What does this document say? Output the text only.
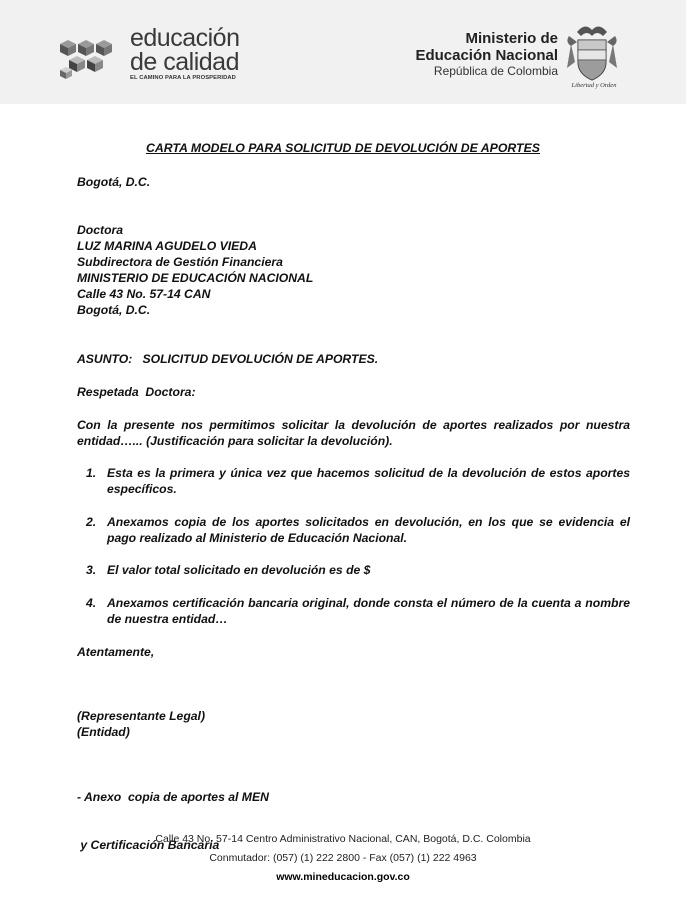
educación
de calidad
EL CAMINO PARA LA PROSPERIDAD
Ministerio de
Educación Nacional
República de Colombia
Libertad y Orden
CARTA MODELO PARA SOLICITUD DE DEVOLUCIÓN DE APORTES
Bogotá, D.C.
Doctora
LUZ MARINA AGUDELO VIEDA
Subdirectora de Gestión Financiera
MINISTERIO DE EDUCACIÓN NACIONAL
Calle 43 No. 57-14 CAN
Bogotá, D.C.
ASUNTO:   SOLICITUD DEVOLUCIÓN DE APORTES.
Respetada  Doctora:
Con la presente nos permitimos solicitar la devolución de aportes realizados por nuestra entidad…... (Justificación para solicitar la devolución).
1. Esta es la primera y única vez que hacemos solicitud de la devolución de estos aportes específicos.
2. Anexamos copia de los aportes solicitados en devolución, en los que se evidencia el pago realizado al Ministerio de Educación Nacional.
3. El valor total solicitado en devolución es de $
4. Anexamos certificación bancaria original, donde consta el número de la cuenta a nombre de nuestra entidad…
Atentamente,
(Representante Legal)
(Entidad)

- Anexo  copia de aportes al MEN

y Certificación Bancaria

Calle 43 No. 57-14 Centro Administrativo Nacional, CAN, Bogotá, D.C. Colombia
Conmutador: (057) (1) 222 2800 - Fax (057) (1) 222 4963
www.mineducacion.gov.co
